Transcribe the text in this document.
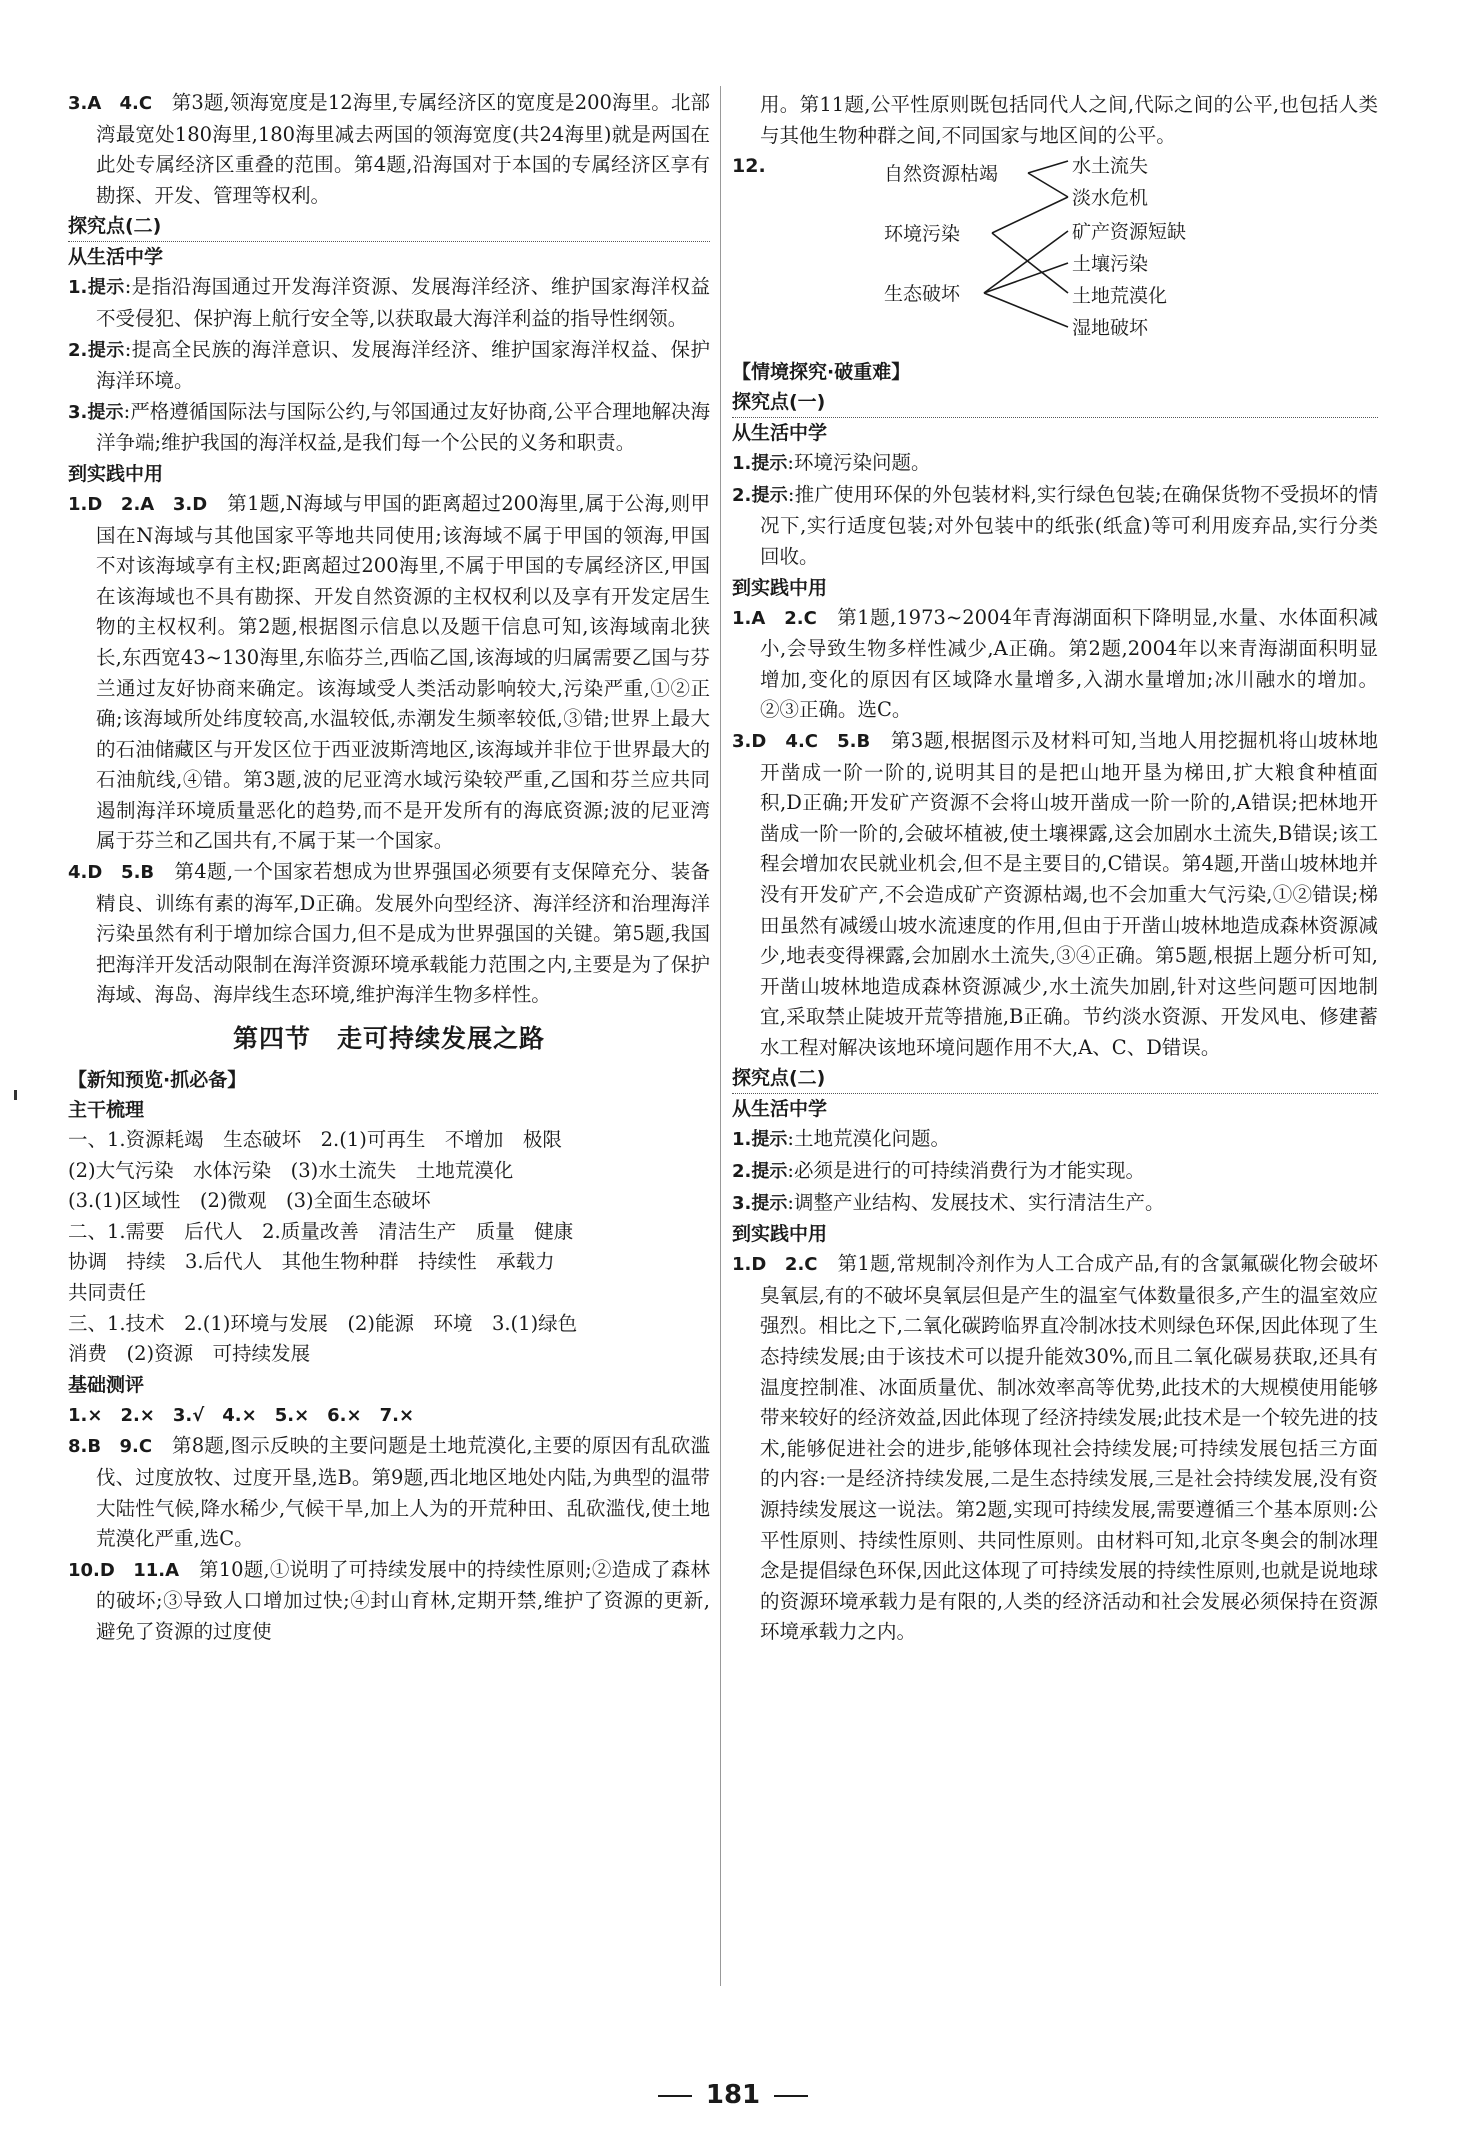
3.A　4.C　第3题,领海宽度是12海里,专属经济区的宽度是200海里。北部湾最宽处180海里,180海里减去两国的领海宽度(共24海里)就是两国在此处专属经济区重叠的范围。第4题,沿海国对于本国的专属经济区享有勘探、开发、管理等权利。

探究点(二)
从生活中学

1.提示:是指沿海国通过开发海洋资源、发展海洋经济、维护国家海洋权益不受侵犯、保护海上航行安全等,以获取最大海洋利益的指导性纲领。

2.提示:提高全民族的海洋意识、发展海洋经济、维护国家海洋权益、保护海洋环境。

3.提示:严格遵循国际法与国际公约,与邻国通过友好协商,公平合理地解决海洋争端;维护我国的海洋权益,是我们每一个公民的义务和职责。

到实践中用

1.D　2.A　3.D　第1题,N海域与甲国的距离超过200海里,属于公海,则甲国在N海域与其他国家平等地共同使用;该海域不属于甲国的领海,甲国不对该海域享有主权;距离超过200海里,不属于甲国的专属经济区,甲国在该海域也不具有勘探、开发自然资源的主权权利以及享有开发定居生物的主权权利。第2题,根据图示信息以及题干信息可知,该海域南北狭长,东西宽43~130海里,东临芬兰,西临乙国,该海域的归属需要乙国与芬兰通过友好协商来确定。该海域受人类活动影响较大,污染严重,①②正确;该海域所处纬度较高,水温较低,赤潮发生频率较低,③错;世界上最大的石油储藏区与开发区位于西亚波斯湾地区,该海域并非位于世界最大的石油航线,④错。第3题,波的尼亚湾水域污染较严重,乙国和芬兰应共同遏制海洋环境质量恶化的趋势,而不是开发所有的海底资源;波的尼亚湾属于芬兰和乙国共有,不属于某一个国家。

4.D　5.B　第4题,一个国家若想成为世界强国必须要有支保障充分、装备精良、训练有素的海军,D正确。发展外向型经济、海洋经济和治理海洋污染虽然有利于增加综合国力,但不是成为世界强国的关键。第5题,我国把海洋开发活动限制在海洋资源环境承载能力范围之内,主要是为了保护海域、海岛、海岸线生态环境,维护海洋生物多样性。

第四节　走可持续发展之路
【新知预览·抓必备】
主干梳理

一、1.资源耗竭　生态破坏　2.(1)可再生　不增加　极限

(2)大气污染　水体污染　(3)水土流失　土地荒漠化

(3.(1)区域性　(2)微观　(3)全面生态破坏

二、1.需要　后代人　2.质量改善　清洁生产　质量　健康

协调　持续　3.后代人　其他生物种群　持续性　承载力

共同责任

三、1.技术　2.(1)环境与发展　(2)能源　环境　3.(1)绿色

消费　(2)资源　可持续发展

基础测评

1.×　2.×　3.√　4.×　5.×　6.×　7.×

8.B　9.C　第8题,图示反映的主要问题是土地荒漠化,主要的原因有乱砍滥伐、过度放牧、过度开垦,选B。第9题,西北地区地处内陆,为典型的温带大陆性气候,降水稀少,气候干旱,加上人为的开荒种田、乱砍滥伐,使土地荒漠化严重,选C。

10.D　11.A　第10题,①说明了可持续发展中的持续性原则;②造成了森林的破坏;③导致人口增加过快;④封山育林,定期开禁,维护了资源的更新,避免了资源的过度使

用。第11题,公平性原则既包括同代人之间,代际之间的公平,也包括人类与其他生物种群之间,不同国家与地区间的公平。

12.	自然资源枯竭
环境污染
生态破坏
水土流失
淡水危机
矿产资源短缺
土壤污染
土地荒漠化
湿地破坏
【情境探究·破重难】
探究点(一)
从生活中学

1.提示:环境污染问题。

2.提示:推广使用环保的外包装材料,实行绿色包装;在确保货物不受损坏的情况下,实行适度包装;对外包装中的纸张(纸盒)等可利用废弃品,实行分类回收。

到实践中用

1.A　2.C　第1题,1973~2004年青海湖面积下降明显,水量、水体面积减小,会导致生物多样性减少,A正确。第2题,2004年以来青海湖面积明显增加,变化的原因有区域降水量增多,入湖水量增加;冰川融水的增加。②③正确。选C。

3.D　4.C　5.B　第3题,根据图示及材料可知,当地人用挖掘机将山坡林地开凿成一阶一阶的,说明其目的是把山地开垦为梯田,扩大粮食种植面积,D正确;开发矿产资源不会将山坡开凿成一阶一阶的,A错误;把林地开凿成一阶一阶的,会破坏植被,使土壤裸露,这会加剧水土流失,B错误;该工程会增加农民就业机会,但不是主要目的,C错误。第4题,开凿山坡林地并没有开发矿产,不会造成矿产资源枯竭,也不会加重大气污染,①②错误;梯田虽然有减缓山坡水流速度的作用,但由于开凿山坡林地造成森林资源减少,地表变得裸露,会加剧水土流失,③④正确。第5题,根据上题分析可知,开凿山坡林地造成森林资源减少,水土流失加剧,针对这些问题可因地制宜,采取禁止陡坡开荒等措施,B正确。节约淡水资源、开发风电、修建蓄水工程对解决该地环境问题作用不大,A、C、D错误。

探究点(二)
从生活中学

1.提示:土地荒漠化问题。

2.提示:必须是进行的可持续消费行为才能实现。

3.提示:调整产业结构、发展技术、实行清洁生产。

到实践中用

1.D　2.C　第1题,常规制冷剂作为人工合成产品,有的含氯氟碳化物会破坏臭氧层,有的不破坏臭氧层但是产生的温室气体数量很多,产生的温室效应强烈。相比之下,二氧化碳跨临界直冷制冰技术则绿色环保,因此体现了生态持续发展;由于该技术可以提升能效30%,而且二氧化碳易获取,还具有温度控制准、冰面质量优、制冰效率高等优势,此技术的大规模使用能够带来较好的经济效益,因此体现了经济持续发展;此技术是一个较先进的技术,能够促进社会的进步,能够体现社会持续发展;可持续发展包括三方面的内容:一是经济持续发展,二是生态持续发展,三是社会持续发展,没有资源持续发展这一说法。第2题,实现可持续发展,需要遵循三个基本原则:公平性原则、持续性原则、共同性原则。由材料可知,北京冬奥会的制冰理念是提倡绿色环保,因此这体现了可持续发展的持续性原则,也就是说地球的资源环境承载力是有限的,人类的经济活动和社会发展必须保持在资源环境承载力之内。

181
